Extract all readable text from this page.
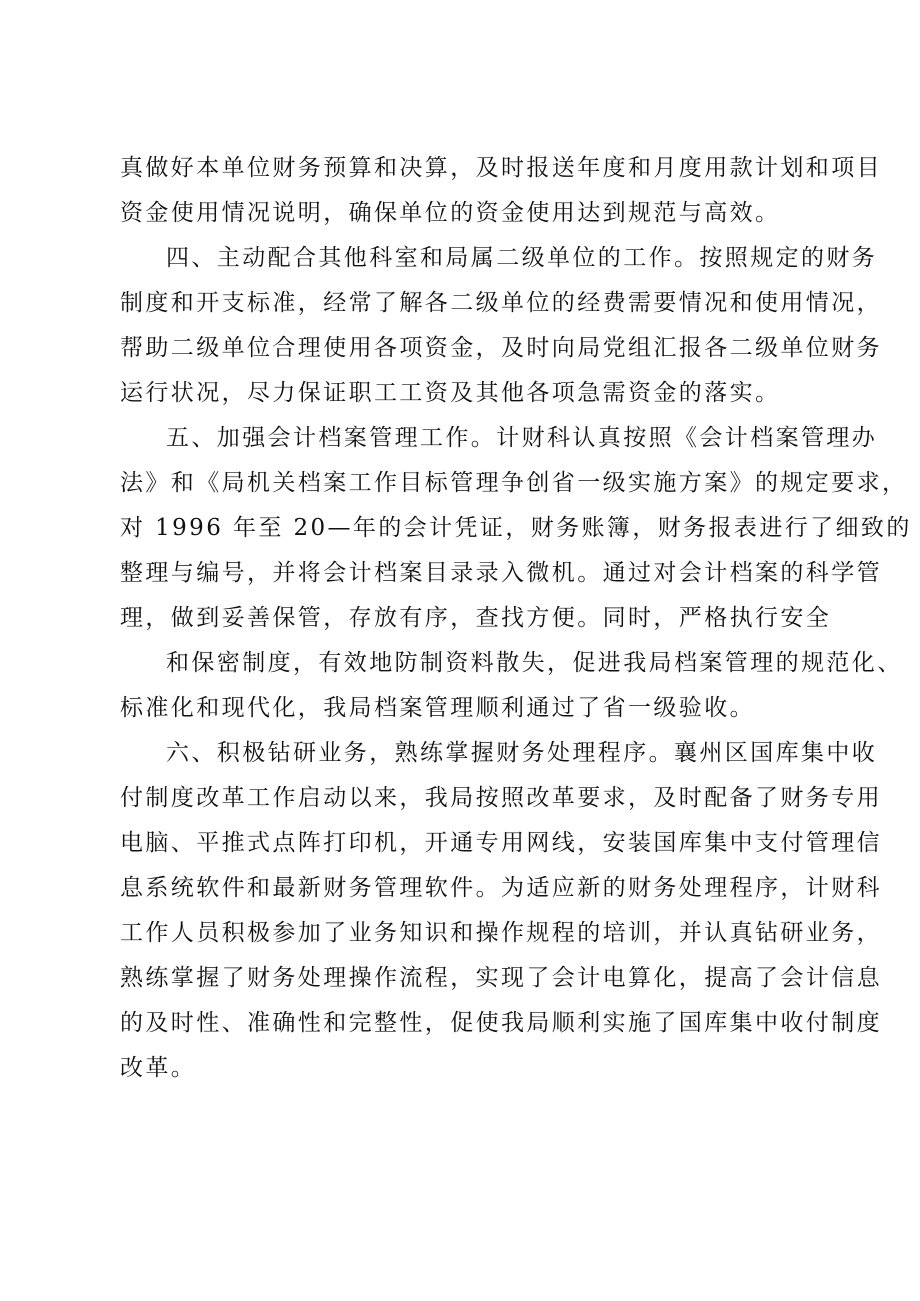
真做好本单位财务预算和决算，及时报送年度和月度用款计划和项目
资金使用情况说明，确保单位的资金使用达到规范与高效。
四、主动配合其他科室和局属二级单位的工作。按照规定的财务
制度和开支标准，经常了解各二级单位的经费需要情况和使用情况，
帮助二级单位合理使用各项资金，及时向局党组汇报各二级单位财务
运行状况，尽力保证职工工资及其他各项急需资金的落实。
五、加强会计档案管理工作。计财科认真按照《会计档案管理办
法》和《局机关档案工作目标管理争创省一级实施方案》的规定要求，
对 1996 年至 20—年的会计凭证，财务账簿，财务报表进行了细致的
整理与编号，并将会计档案目录录入微机。通过对会计档案的科学管
理，做到妥善保管，存放有序，查找方便。同时，严格执行安全
和保密制度，有效地防制资料散失，促进我局档案管理的规范化、
标准化和现代化，我局档案管理顺利通过了省一级验收。
六、积极钻研业务，熟练掌握财务处理程序。襄州区国库集中收
付制度改革工作启动以来，我局按照改革要求，及时配备了财务专用
电脑、平推式点阵打印机，开通专用网线，安装国库集中支付管理信
息系统软件和最新财务管理软件。为适应新的财务处理程序，计财科
工作人员积极参加了业务知识和操作规程的培训，并认真钻研业务，
熟练掌握了财务处理操作流程，实现了会计电算化，提高了会计信息
的及时性、准确性和完整性，促使我局顺利实施了国库集中收付制度
改革。
